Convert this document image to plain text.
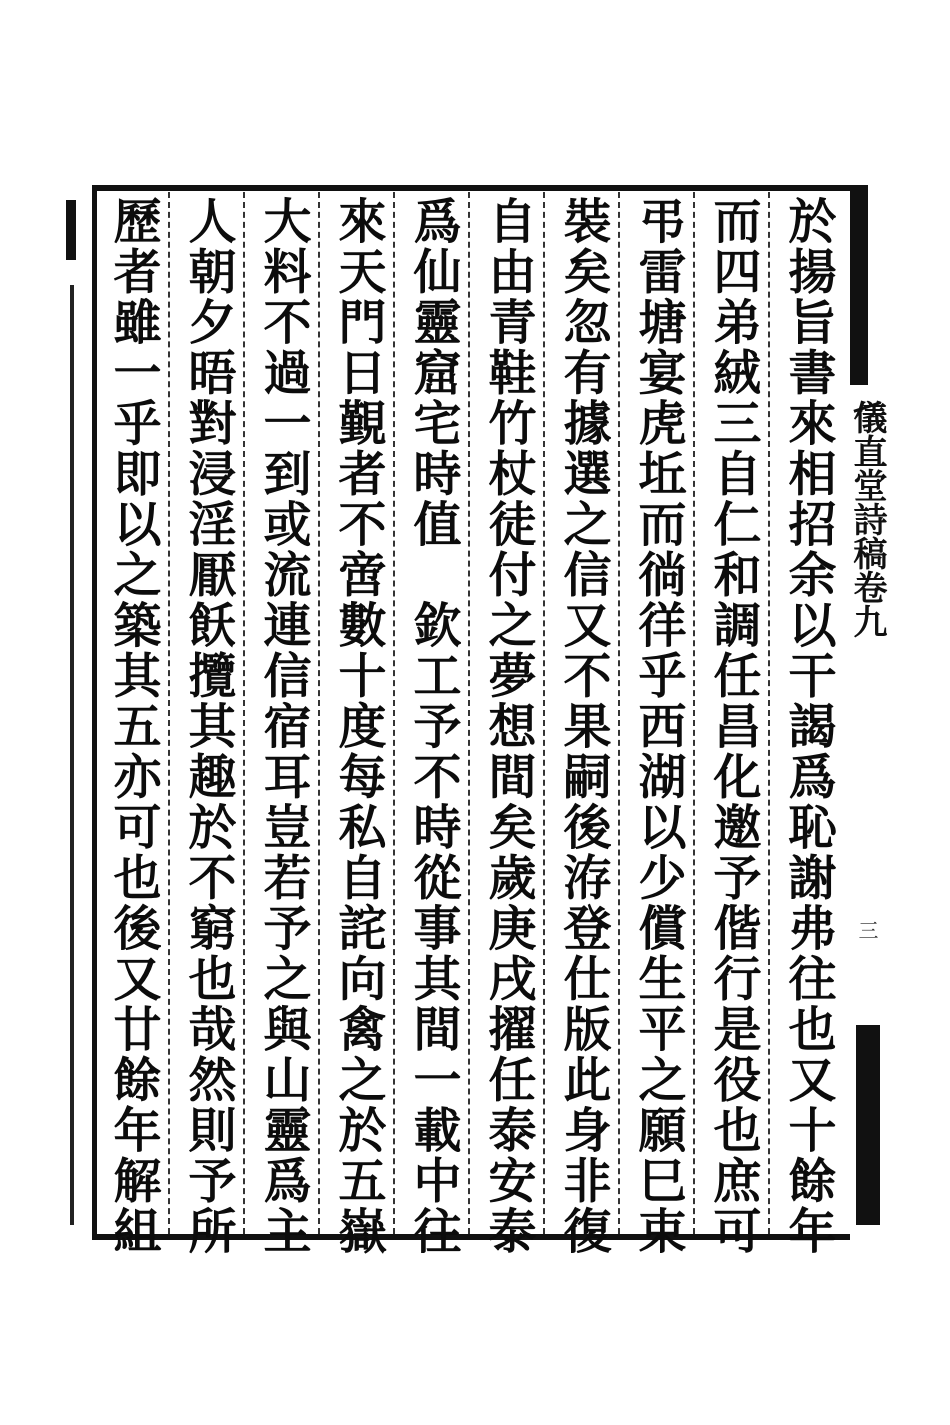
於揚旨書來相招余以干謁爲恥謝弗往也又十餘年
而四弟絨三自仁和調任昌化邀予偕行是役也庶可
弔雷塘宴虎坵而徜徉乎西湖以少償生平之願巳束
裝矣忽有據選之信又不果嗣後洊登仕版此身非復
自由青鞋竹杖徒付之夢想間矣歲庚戌擢任泰安泰
爲仙靈窟宅時值　欽工予不時從事其間一載中往
來天門日覲者不啻數十度每私自詫向禽之於五嶽
大料不過一到或流連信宿耳豈若予之與山靈爲主
人朝夕晤對浸淫厭飫攬其趣於不窮也哉然則予所
歷者雖一乎即以之築其五亦可也後又廿餘年解組	儀直堂詩稿卷九
三
